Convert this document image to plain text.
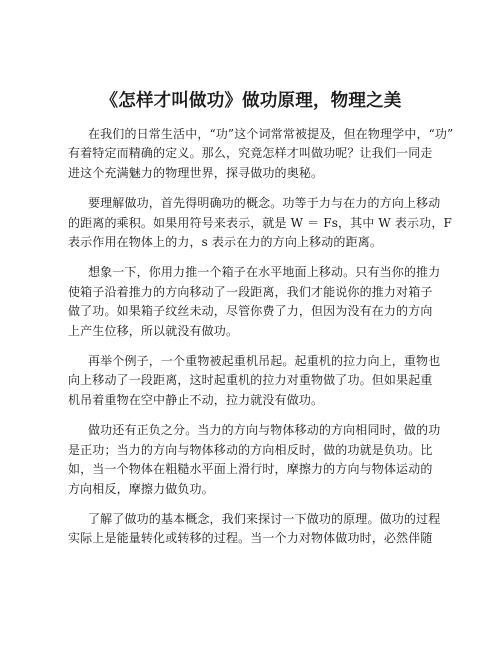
《怎样才叫做功》做功原理，物理之美
在我们的日常生活中，“功”这个词常常被提及，但在物理学中，“功”
有着特定而精确的定义。那么，究竟怎样才叫做功呢？让我们一同走
进这个充满魅力的物理世界，探寻做功的奥秘。
要理解做功，首先得明确功的概念。功等于力与在力的方向上移动
的距离的乘积。如果用符号来表示，就是 W ＝ Fs，其中 W 表示功，F
表示作用在物体上的力，s 表示在力的方向上移动的距离。
想象一下，你用力推一个箱子在水平地面上移动。只有当你的推力
使箱子沿着推力的方向移动了一段距离，我们才能说你的推力对箱子
做了功。如果箱子纹丝未动，尽管你费了力，但因为没有在力的方向
上产生位移，所以就没有做功。
再举个例子，一个重物被起重机吊起。起重机的拉力向上，重物也
向上移动了一段距离，这时起重机的拉力对重物做了功。但如果起重
机吊着重物在空中静止不动，拉力就没有做功。
做功还有正负之分。当力的方向与物体移动的方向相同时，做的功
是正功；当力的方向与物体移动的方向相反时，做的功就是负功。比
如，当一个物体在粗糙水平面上滑行时，摩擦力的方向与物体运动的
方向相反，摩擦力做负功。
了解了做功的基本概念，我们来探讨一下做功的原理。做功的过程
实际上是能量转化或转移的过程。当一个力对物体做功时，必然伴随
